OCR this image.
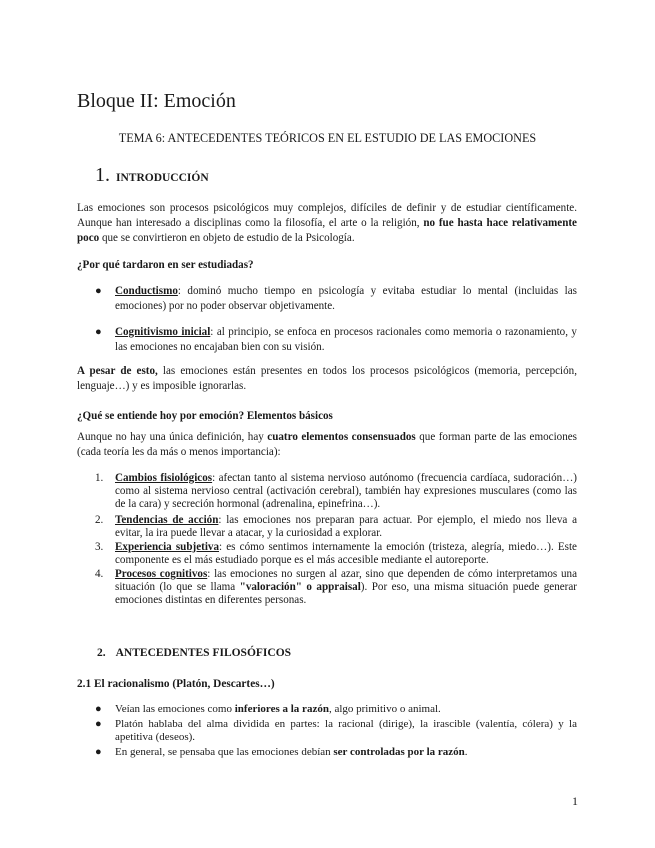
Bloque II: Emoción
TEMA 6: ANTECEDENTES TEÓRICOS EN EL ESTUDIO DE LAS EMOCIONES
1. INTRODUCCIÓN

Las emociones son procesos psicológicos muy complejos, difíciles de definir y de estudiar científicamente. Aunque han interesado a disciplinas como la filosofía, el arte o la religión, no fue hasta hace relativamente poco que se convirtieron en objeto de estudio de la Psicología.

¿Por qué tardaron en ser estudiadas?

● Conductismo: dominó mucho tiempo en psicología y evitaba estudiar lo mental (incluidas las emociones) por no poder observar objetivamente.
● Cognitivismo inicial: al principio, se enfoca en procesos racionales como memoria o razonamiento, y las emociones no encajaban bien con su visión.

A pesar de esto, las emociones están presentes en todos los procesos psicológicos (memoria, percepción, lenguaje…) y es imposible ignorarlas.

¿Qué se entiende hoy por emoción? Elementos básicos

Aunque no hay una única definición, hay cuatro elementos consensuados que forman parte de las emociones (cada teoría les da más o menos importancia):

1. Cambios fisiológicos: afectan tanto al sistema nervioso autónomo (frecuencia cardíaca, sudoración…) como al sistema nervioso central (activación cerebral), también hay expresiones musculares (como las de la cara) y secreción hormonal (adrenalina, epinefrina…).
2. Tendencias de acción: las emociones nos preparan para actuar. Por ejemplo, el miedo nos lleva a evitar, la ira puede llevar a atacar, y la curiosidad a explorar.
3. Experiencia subjetiva: es cómo sentimos internamente la emoción (tristeza, alegría, miedo…). Este componente es el más estudiado porque es el más accesible mediante el autoreporte.
4. Procesos cognitivos: las emociones no surgen al azar, sino que dependen de cómo interpretamos una situación (lo que se llama "valoración" o appraisal). Por eso, una misma situación puede generar emociones distintas en diferentes personas.
2. ANTECEDENTES FILOSÓFICOS
2.1 El racionalismo (Platón, Descartes…)
● Veían las emociones como inferiores a la razón, algo primitivo o animal.
● Platón hablaba del alma dividida en partes: la racional (dirige), la irascible (valentía, cólera) y la apetitiva (deseos).
● En general, se pensaba que las emociones debían ser controladas por la razón.
1
